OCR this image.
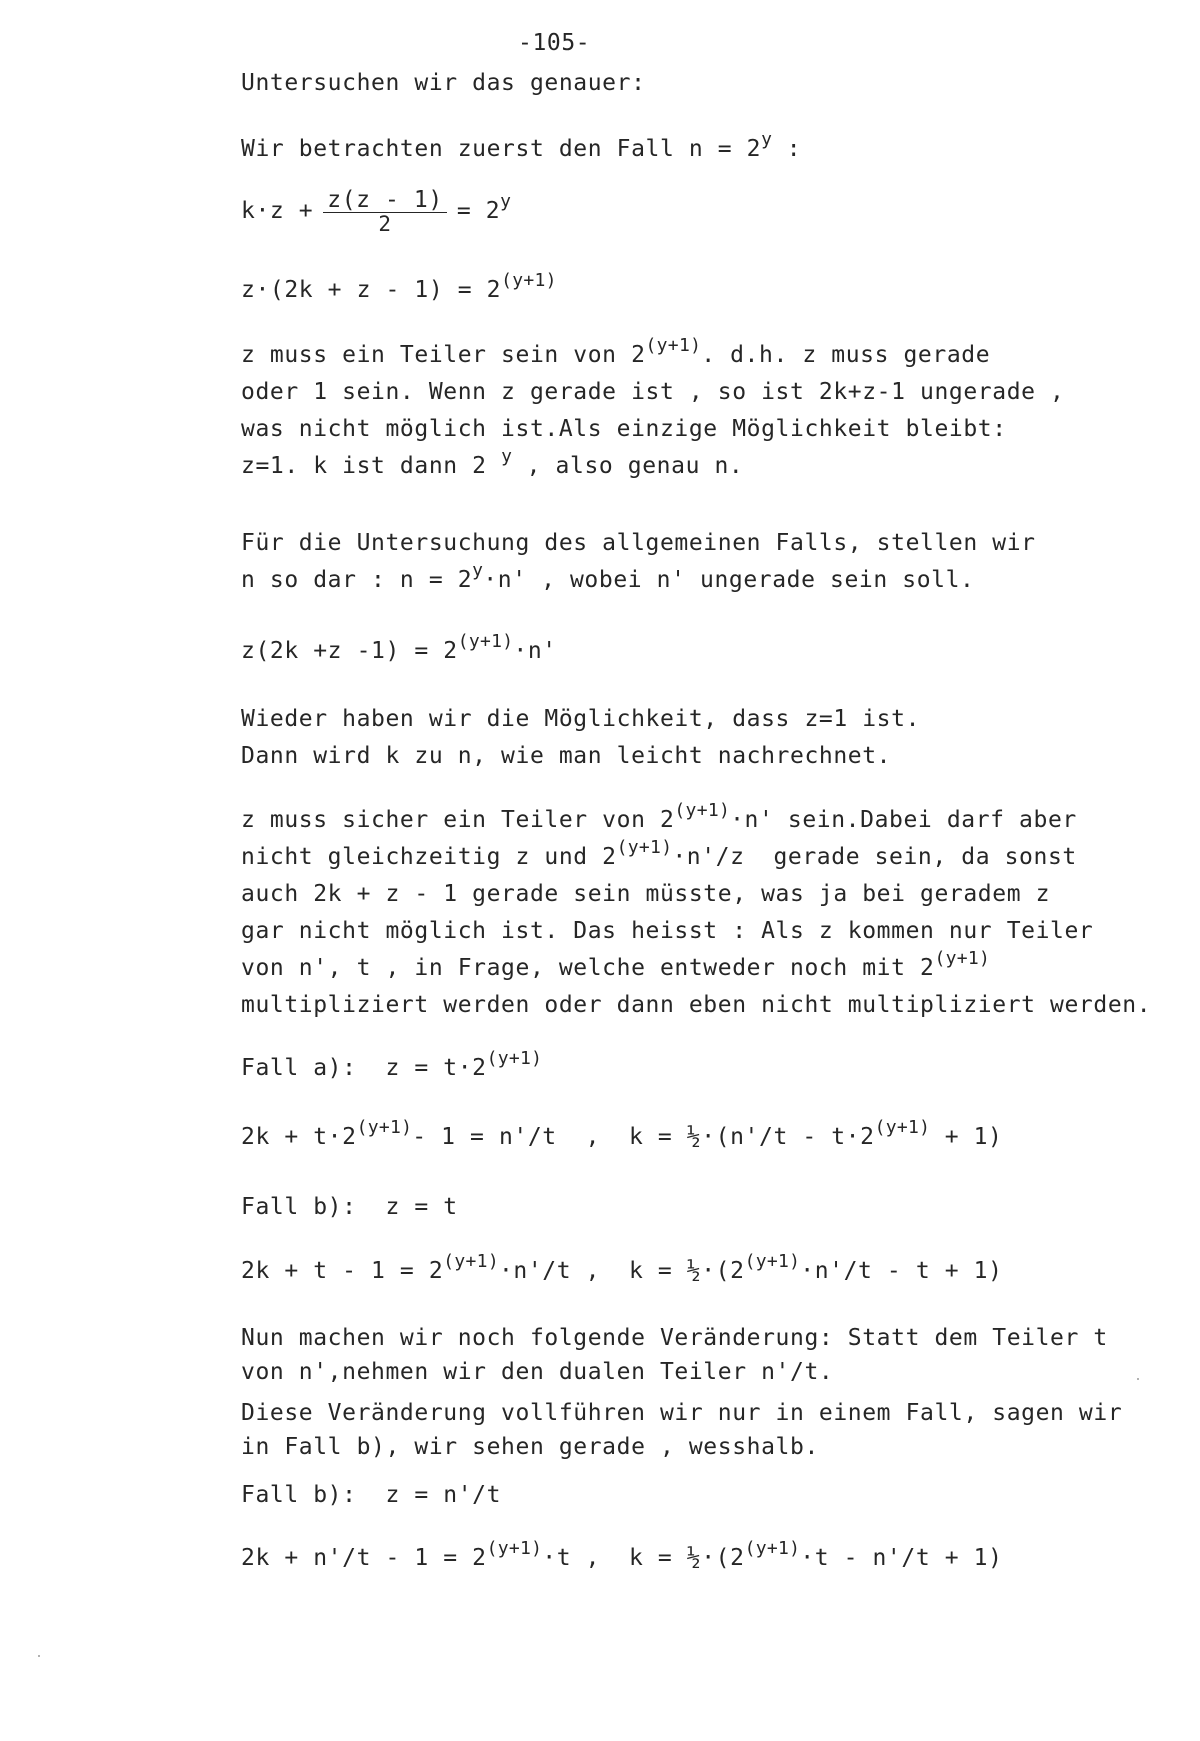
-105-
Untersuchen wir das genauer:
Wir betrachten zuerst den Fall $n = 2^y$ :
$k\cdot z + \frac{z(z - 1)}{2} = 2^y$
$z\cdot(2k + z - 1) = 2^{(y+1)}$
z muss ein Teiler sein von $2^{(y+1)}$. d.h. z muss gerade
oder 1 sein. Wenn z gerade ist , so ist 2k+z-1 ungerade ,
was nicht möglich ist.Als einzige Möglichkeit bleibt:
z=1. k ist dann 2 $^y$ , also genau n.
Für die Untersuchung des allgemeinen Falls, stellen wir
n so dar : $n = 2^y\cdot n'$ , wobei n' ungerade sein soll.
z(2k +z $-1) = 2^{(y+1)}\cdot n'$
Wieder haben wir die Möglichkeit, dass z=1 ist.
Dann wird k zu n, wie man leicht nachrechnet.
z muss sicher ein Teiler von $2^{(y+1)}\cdot n'$ sein.Dabei darf aber
nicht gleichzeitig z und $2^{(y+1)}\cdot n'/z$  gerade sein, da sonst
auch 2k + z - 1 gerade sein müsste, was ja bei geradem z
gar nicht möglich ist. Das heisst : Als z kommen nur Teiler
von n', t , in Frage, welche entweder noch mit $2^{(y+1)}$
multipliziert werden oder dann eben nicht multipliziert werden.
Fall a):  $z = t\cdot 2^{(y+1)}$
$2k + t\cdot 2^{(y+1)}-$ 1 = n'/t  ,  k = ½·(n'/t - $t\cdot 2^{(y+1)} + 1$)
Fall b):  z = t
$2k + t - 1 = 2^{(y+1)}\cdot n'/t$ ,  $k = \frac{1}{2}\cdot(2^{(y+1)}\cdot n'/t - t + 1)$
Nun machen wir noch folgende Veränderung: Statt dem Teiler t
von n',nehmen wir den dualen Teiler n'/t.
Diese Veränderung vollführen wir nur in einem Fall, sagen wir
in Fall b), wir sehen gerade , wesshalb.
Fall b):  z = n'/t
$2k + n'/t - 1 = 2^{(y+1)}\cdot t$ ,  $k = \frac{1}{2}\cdot(2^{(y+1)}\cdot t - n'/t + 1)$
